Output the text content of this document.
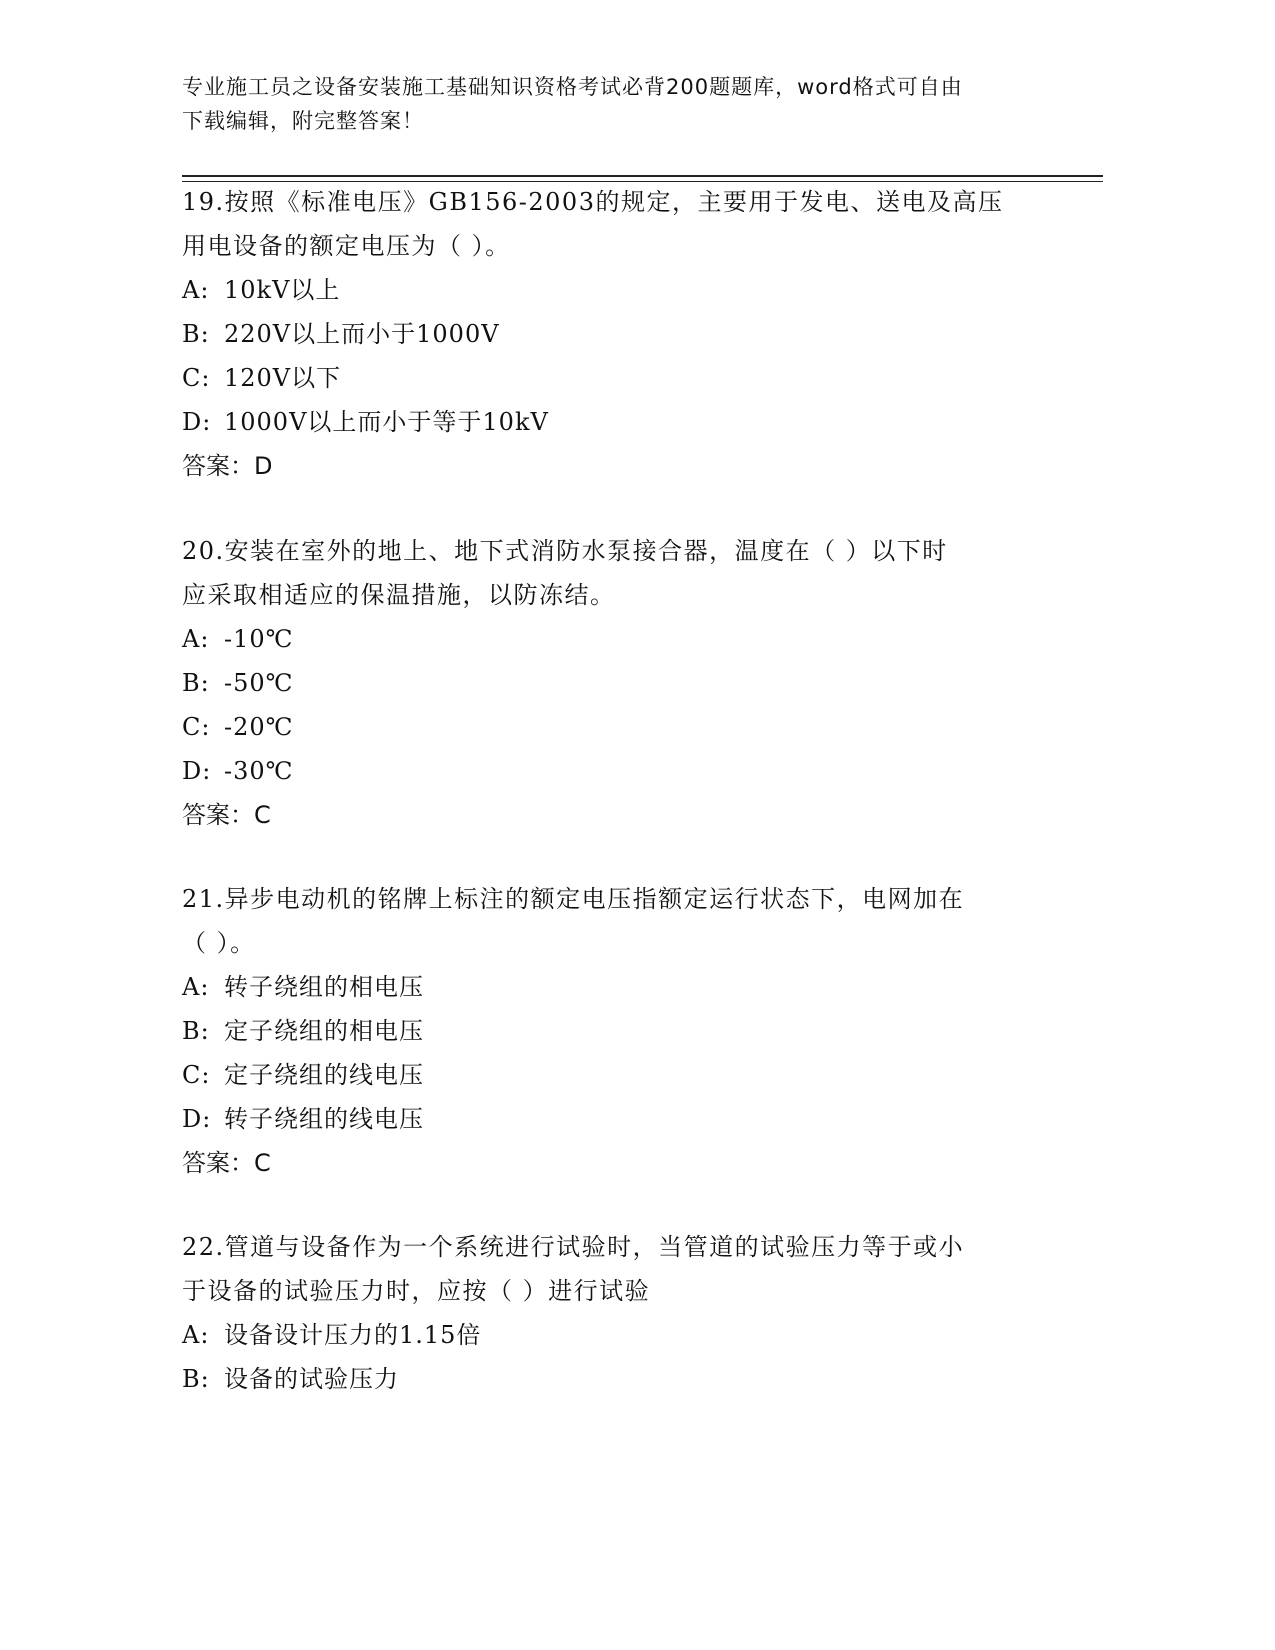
专业施工员之设备安装施工基础知识资格考试必背200题题库，word格式可自由
下载编辑，附完整答案！
19.按照《标准电压》GB156-2003的规定，主要用于发电、送电及高压
用电设备的额定电压为（ ）。
A: 10kV以上
B: 220V以上而小于1000V
C: 120V以下
D: 1000V以上而小于等于10kV
答案：D
20.安装在室外的地上、地下式消防水泵接合器，温度在（ ）以下时
应采取相适应的保温措施，以防冻结。
A: -10℃
B: -50℃
C: -20℃
D: -30℃
答案：C
21.异步电动机的铭牌上标注的额定电压指额定运行状态下，电网加在
（ ）。
A: 转子绕组的相电压
B: 定子绕组的相电压
C: 定子绕组的线电压
D: 转子绕组的线电压
答案：C
22.管道与设备作为一个系统进行试验时，当管道的试验压力等于或小
于设备的试验压力时，应按（ ）进行试验
A: 设备设计压力的1.15倍
B: 设备的试验压力
